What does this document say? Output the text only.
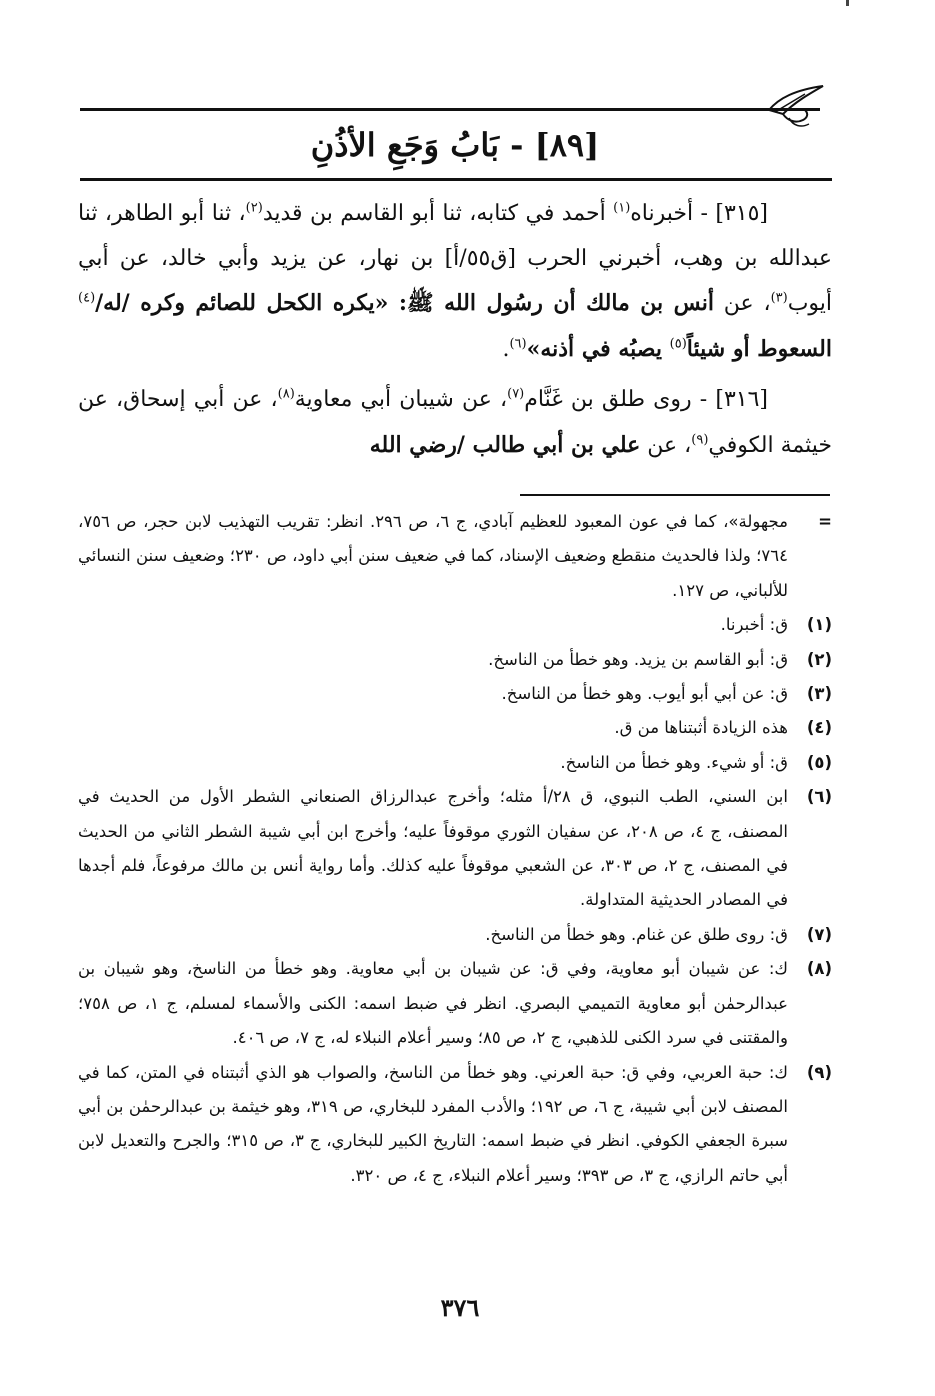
[٨٩] - بَابُ وَجَعِ الأذُنِ

[٣١٥] - أخبرناه$^{(١)}$ أحمد في كتابه، ثنا أبو القاسم بن قديد$^{(٢)}$، ثنا أبو الطاهر، ثنا عبدالله بن وهب، أخبرني الحرب [ق٥٥/أ] بن نهار، عن يزيد وأبي خالد، عن أبي أيوب$^{(٣)}$، عن أنس بن مالك أن رسُول الله ﷺ: «يكره الكحل للصائم وكره /له/$^{(٤)}$ السعوط أو شيئاً$^{(٥)}$ يصبُه في أذنه»$^{(٦)}$.

[٣١٦] - روى طلق بن غَنَّام$^{(٧)}$، عن شيبان أبي معاوية$^{(٨)}$، عن أبي إسحاق، عن خيثمة الكوفي$^{(٩)}$، عن علي بن أبي طالب /رضي الله

=
مجهولة»، كما في عون المعبود للعظيم آبادي، ج ٦، ص ٢٩٦. انظر: تقريب التهذيب لابن حجر، ص ٧٥٦، ٧٦٤؛ ولذا فالحديث منقطع وضعيف الإسناد، كما في ضعيف سنن أبي داود، ص ٢٣٠؛ وضعيف سنن النسائي للألباني، ص ١٢٧.
(١)
ق: أخبرنا.
(٢)
ق: أبو القاسم بن يزيد. وهو خطأ من الناسخ.
(٣)
ق: عن أبي أبو أيوب. وهو خطأ من الناسخ.
(٤)
هذه الزيادة أثبتناها من ق.
(٥)
ق: أو شيء. وهو خطأ من الناسخ.
(٦)
ابن السني، الطب النبوي، ق ٢٨/أ مثله؛ وأخرج عبدالرزاق الصنعاني الشطر الأول من الحديث في المصنف، ج ٤، ص ٢٠٨، عن سفيان الثوري موقوفاً عليه؛ وأخرج ابن أبي شيبة الشطر الثاني من الحديث في المصنف، ج ٢، ص ٣٠٣، عن الشعبي موقوفاً عليه كذلك. وأما رواية أنس بن مالك مرفوعاً، فلم أجدها في المصادر الحديثية المتداولة.
(٧)
ق: روى طلق عن غنام. وهو خطأ من الناسخ.
(٨)
ك: عن شيبان أبو معاوية، وفي ق: عن شيبان بن أبي معاوية. وهو خطأ من الناسخ، وهو شيبان بن عبدالرحمٰن أبو معاوية التميمي البصري. انظر في ضبط اسمه: الكنى والأسماء لمسلم، ج ١، ص ٧٥٨؛ والمقتنى في سرد الكنى للذهبي، ج ٢، ص ٨٥؛ وسير أعلام النبلاء له، ج ٧، ص ٤٠٦.
(٩)
ك: حبة العربي، وفي ق: حبة العرني. وهو خطأ من الناسخ، والصواب هو الذي أثبتناه في المتن، كما في المصنف لابن أبي شيبة، ج ٦، ص ١٩٢؛ والأدب المفرد للبخاري، ص ٣١٩، وهو خيثمة بن عبدالرحمٰن بن أبي سبرة الجعفي الكوفي. انظر في ضبط اسمه: التاريخ الكبير للبخاري، ج ٣، ص ٣١٥؛ والجرح والتعديل لابن أبي حاتم الرازي، ج ٣، ص ٣٩٣؛ وسير أعلام النبلاء، ج ٤، ص ٣٢٠.
٣٧٦
